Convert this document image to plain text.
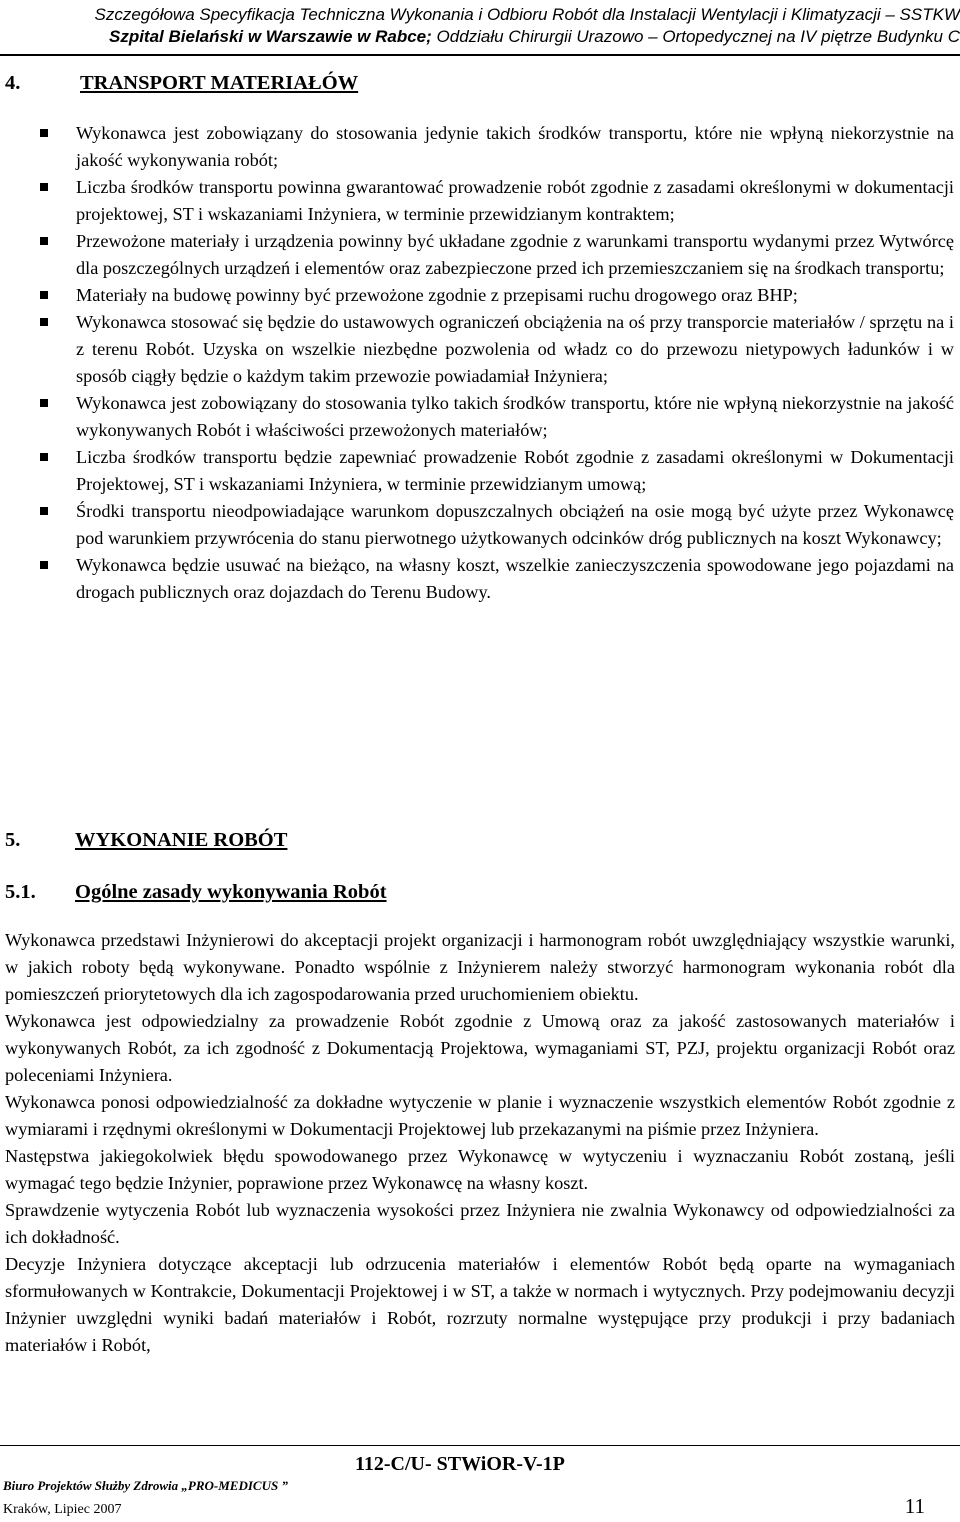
Szczegółowa Specyfikacja Techniczna Wykonania i Odbioru Robót dla Instalacji Wentylacji i Klimatyzacji – SSTKW
Szpital Bielański w Warszawie w Rabce; Oddziału Chirurgii Urazowo – Ortopedycznej na IV piętrze Budynku C
4.	TRANSPORT MATERIAŁÓW
Wykonawca jest zobowiązany do stosowania jedynie takich środków transportu, które nie wpłyną niekorzystnie na jakość wykonywania robót;
Liczba środków transportu powinna gwarantować prowadzenie robót zgodnie z zasadami określonymi w dokumentacji projektowej, ST i wskazaniami Inżyniera, w terminie przewidzianym kontraktem;
Przewożone materiały i urządzenia powinny być układane zgodnie z warunkami transportu wydanymi przez Wytwórcę dla poszczególnych urządzeń i elementów oraz zabezpieczone przed ich przemieszczaniem się na środkach transportu;
Materiały na budowę powinny być przewożone zgodnie z przepisami ruchu drogowego oraz BHP;
Wykonawca stosować się będzie do ustawowych ograniczeń obciążenia na oś przy transporcie materiałów / sprzętu na i z terenu Robót. Uzyska on wszelkie niezbędne pozwolenia od władz co do przewozu nietypowych ładunków i w sposób ciągły będzie o każdym takim przewozie powiadamiał Inżyniera;
Wykonawca jest zobowiązany do stosowania tylko takich środków transportu, które nie wpłyną niekorzystnie na jakość wykonywanych Robót i właściwości przewożonych materiałów;
Liczba środków transportu będzie zapewniać prowadzenie Robót zgodnie z zasadami określonymi w Dokumentacji Projektowej, ST i wskazaniami Inżyniera, w terminie przewidzianym umową;
Środki transportu nieodpowiadające warunkom dopuszczalnych obciążeń na osie mogą być użyte przez Wykonawcę pod warunkiem przywrócenia do stanu pierwotnego użytkowanych odcinków dróg publicznych na koszt Wykonawcy;
Wykonawca będzie usuwać na bieżąco, na własny koszt, wszelkie zanieczyszczenia spowodowane jego pojazdami na drogach publicznych oraz dojazdach do Terenu Budowy.
5.	WYKONANIE ROBÓT
5.1. Ogólne zasady wykonywania Robót

Wykonawca przedstawi Inżynierowi do akceptacji projekt organizacji i harmonogram robót uwzględniający wszystkie warunki, w jakich roboty będą wykonywane. Ponadto wspólnie z Inżynierem należy stworzyć harmonogram wykonania robót dla pomieszczeń priorytetowych dla ich zagospodarowania przed uruchomieniem obiektu.

Wykonawca jest odpowiedzialny za prowadzenie Robót zgodnie z Umową oraz za jakość zastosowanych materiałów i wykonywanych Robót, za ich zgodność z Dokumentacją Projektowa, wymaganiami ST, PZJ, projektu organizacji Robót oraz poleceniami Inżyniera.

Wykonawca ponosi odpowiedzialność za dokładne wytyczenie w planie i wyznaczenie wszystkich elementów Robót zgodnie z wymiarami i rzędnymi określonymi w Dokumentacji Projektowej lub przekazanymi na piśmie przez Inżyniera.

Następstwa jakiegokolwiek błędu spowodowanego przez Wykonawcę w wytyczeniu i wyznaczaniu Robót zostaną, jeśli wymagać tego będzie Inżynier, poprawione przez Wykonawcę na własny koszt.

Sprawdzenie wytyczenia Robót lub wyznaczenia wysokości przez Inżyniera nie zwalnia Wykonawcy od odpowiedzialności za ich dokładność.

Decyzje Inżyniera dotyczące akceptacji lub odrzucenia materiałów i elementów Robót będą oparte na wymaganiach sformułowanych w Kontrakcie, Dokumentacji Projektowej i w ST, a także w normach i wytycznych. Przy podejmowaniu decyzji Inżynier uwzględni wyniki badań materiałów i Robót, rozrzuty normalne występujące przy produkcji i przy badaniach materiałów i Robót,

Biuro Projektów Służby Zdrowia „PRO-MEDICUS ”
112-C/U- STWiOR-V-1P
Kraków, Lipiec 2007	11
